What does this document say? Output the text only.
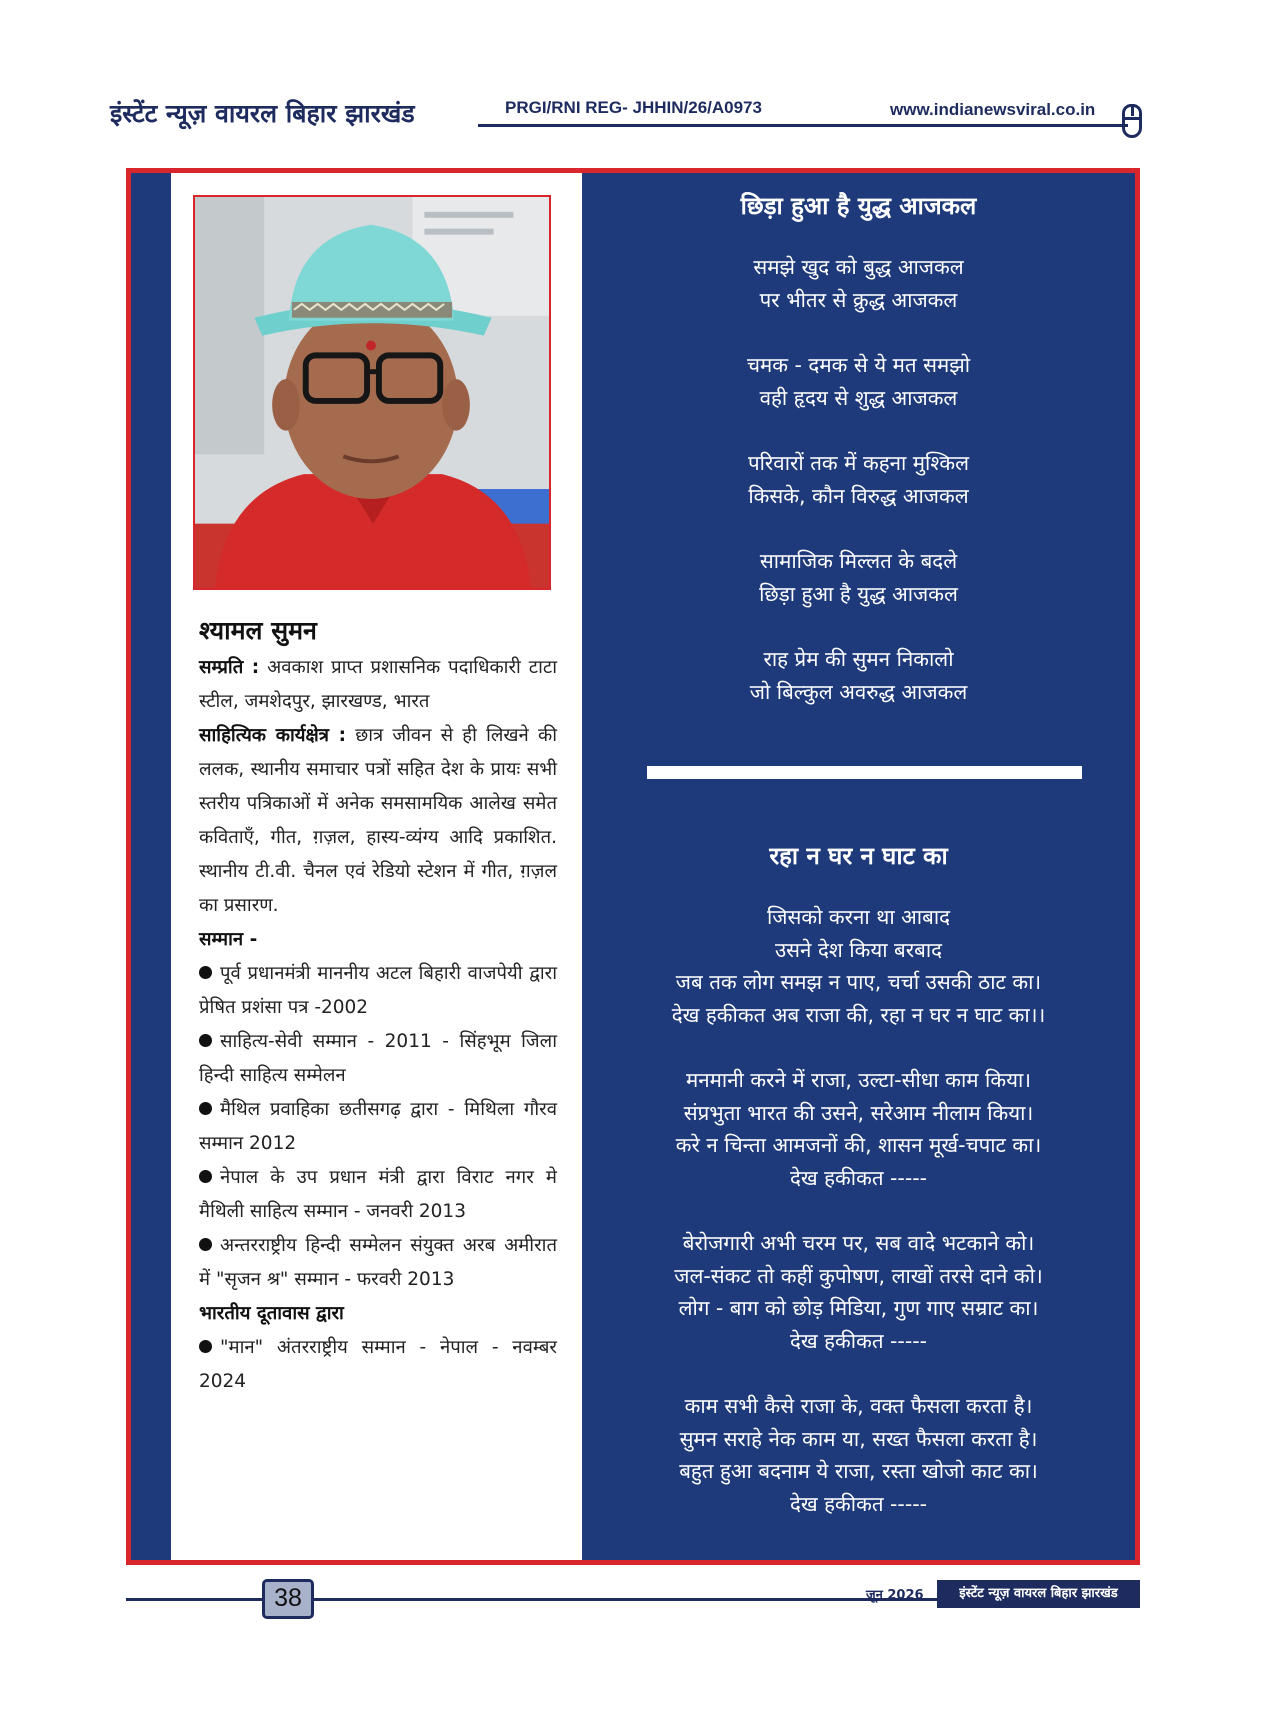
इंस्टेंट न्यूज़ वायरल बिहार झारखंड	PRGI/RNI REG- JHHIN/26/A0973	www.indianewsviral.co.in
श्यामल सुमन

सम्प्रति : अवकाश प्राप्त प्रशासनिक पदाधिकारी टाटा स्टील, जमशेदपुर, झारखण्ड, भारत

साहित्यिक कार्यक्षेत्र : छात्र जीवन से ही लिखने की ललक, स्थानीय समाचार पत्रों सहित देश के प्रायः सभी स्तरीय पत्रिकाओं में अनेक समसामयिक आलेख समेत कविताएँ, गीत, ग़ज़ल, हास्य-व्यंग्य आदि प्रकाशित. स्थानीय टी.वी. चैनल एवं रेडियो स्टेशन में गीत, ग़ज़ल का प्रसारण.

सम्मान -

पूर्व प्रधानमंत्री माननीय अटल बिहारी वाजपेयी द्वारा प्रेषित प्रशंसा पत्र -2002

साहित्य-सेवी सम्मान - 2011 - सिंहभूम जिला हिन्दी साहित्य सम्मेलन

मैथिल प्रवाहिका छतीसगढ़ द्वारा - मिथिला गौरव सम्मान 2012

नेपाल के उप प्रधान मंत्री द्वारा विराट नगर मे मैथिली साहित्य सम्मान - जनवरी 2013

अन्तरराष्ट्रीय हिन्दी सम्मेलन संयुक्त अरब अमीरात में "सृजन श्र" सम्मान - फरवरी 2013

भारतीय दूतावास द्वारा

"मान" अंतरराष्ट्रीय सम्मान - नेपाल - नवम्बर 2024

छिड़ा हुआ है युद्ध आजकल
समझे खुद को बुद्ध आजकल
पर भीतर से क्रुद्ध आजकल
चमक - दमक से ये मत समझो
वही हृदय से शुद्ध आजकल
परिवारों तक में कहना मुश्किल
किसके, कौन विरुद्ध आजकल
सामाजिक मिल्लत के बदले
छिड़ा हुआ है युद्ध आजकल
राह प्रेम की सुमन निकालो
जो बिल्कुल अवरुद्ध आजकल
रहा न घर न घाट का
जिसको करना था आबाद
उसने देश किया बरबाद
जब तक लोग समझ न पाए, चर्चा उसकी ठाट का।
देख हकीकत अब राजा की, रहा न घर न घाट का।।
मनमानी करने में राजा, उल्टा-सीधा काम किया।
संप्रभुता भारत की उसने, सरेआम नीलाम किया।
करे न चिन्ता आमजनों की, शासन मूर्ख-चपाट का।
देख हकीकत -----
बेरोजगारी अभी चरम पर, सब वादे भटकाने को।
जल-संकट तो कहीं कुपोषण, लाखों तरसे दाने को।
लोग - बाग को छोड़ मिडिया, गुण गाए सम्राट का।
देख हकीकत -----
काम सभी कैसे राजा के, वक्त फैसला करता है।
सुमन सराहे नेक काम या, सख्त फैसला करता है।
बहुत हुआ बदनाम ये राजा, रस्ता खोजो काट का।
देख हकीकत -----
38	जून 2026	इंस्टेंट न्यूज़ वायरल बिहार झारखंड
